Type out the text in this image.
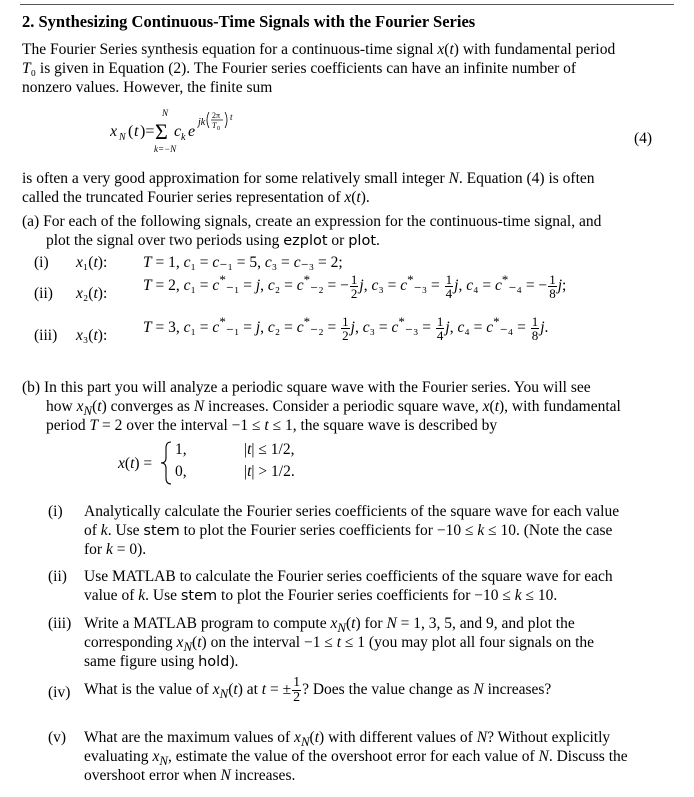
2. Synthesizing Continuous-Time Signals with the Fourier Series
The Fourier Series synthesis equation for a continuous-time signal x(t) with fundamental period
T₀ is given in Equation (2). The Fourier series coefficients can have an infinite number of
nonzero values. However, the finite sum
x N ( t )= Σ
N
k=−N
c k e
jk
2π
T 0
t
(4)
is often a very good approximation for some relatively small integer N. Equation (4) is often
called the truncated Fourier series representation of x(t).
(a) For each of the following signals, create an expression for the continuous-time signal, and
plot the signal over two periods using ezplot or plot.
(i) x₁(t): T = 1, c₁ = c₋₁ = 5, c₃ = c₋₃ = 2;
(ii) x₂(t): T = 2, c₁ = c*₋₁ = j, c₂ = c*₋₂ = − $\frac{1}{2} j$, $c_3 = c^*_{-3} = \frac{1}{4} j$, c₄ = c*₋₄ = − $\frac{1}{8} j$;
(iii) x₃(t): T = 3, c₁ = c*₋₁ = j, $c_2 = c^*_{-2} = \frac{1}{2} j$, $c_3 = c^*_{-3} = \frac{1}{4} j$, $c_4 = c^*_{-4} = \frac{1}{8} j$.
(b) In this part you will analyze a periodic square wave with the Fourier series. You will see
how $x_N(t)$ converges as N increases. Consider a periodic square wave, x(t), with fundamental
period T = 2 over the interval −1 ≤ t ≤ 1, the square wave is described by
x(t) =
1,
0,
|t| ≤ 1/2,
|t| > 1/2.
(i) Analytically calculate the Fourier series coefficients of the square wave for each value
of k. Use stem to plot the Fourier series coefficients for −10 ≤ k ≤ 10. (Note the case
for k = 0).
(ii) Use MATLAB to calculate the Fourier series coefficients of the square wave for each
value of k. Use stem to plot the Fourier series coefficients for −10 ≤ k ≤ 10.
(iii) Write a MATLAB program to compute $x_N(t)$ for N = 1, 3, 5, and 9, and plot the
corresponding $x_N(t)$ on the interval −1 ≤ t ≤ 1 (you may plot all four signals on the
same figure using hold).
(iv) What is the value of $x_N(t)$ at t = ± $\frac{1}{2}$ ? Does the value change as N increases?
(v) What are the maximum values of $x_N(t)$ with different values of N? Without explicitly
evaluating $x_N$, estimate the value of the overshoot error for each value of N. Discuss the
overshoot error when N increases.
